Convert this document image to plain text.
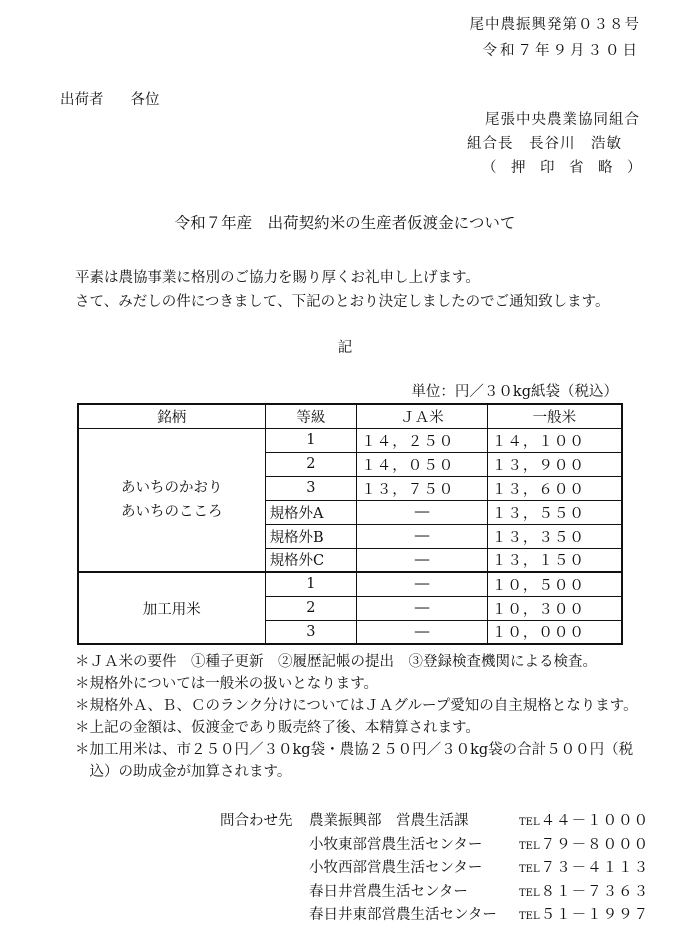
尾中農振興発第０３８号
令和７年９月３０日
出荷者 各位
尾張中央農業協同組合
組合長　長谷川　浩敏
（　押　印　省　略　）
令和７年産　出荷契約米の生産者仮渡金について
平素は農協事業に格別のご協力を賜り厚くお礼申し上げます。
さて、みだしの件につきまして、下記のとおり決定しましたのでご通知致します。
記
単位：円／３０kg紙袋（税込）
銘柄	等級	ＪＡ米	一般米

あいちのかおり
あいちのこころ	1	１４，２５０	１４，１００
	2	１４，０５０	１３，９００
	3	１３，７５０	１３，６００
	規格外A	―	１３，５５０
	規格外B	―	１３，３５０
	規格外C	―	１３，１５０
加工用米	1	―	１０，５００
	2	―	１０，３００
	3	―	１０，０００
＊ＪＡ米の要件　①種子更新　②履歴記帳の提出　③登録検査機関による検査。
＊規格外については一般米の扱いとなります。
＊規格外Ａ、Ｂ、Ｃのランク分けについてはＪＡグループ愛知の自主規格となります。
＊上記の金額は、仮渡金であり販売終了後、本精算されます。
＊加工用米は、市２５０円／３０kg袋・農協２５０円／３０kg袋の合計５００円（税
　込）の助成金が加算されます。
問合わせ先 農業振興部　営農生活課	TEL４４－１０００
小牧東部営農生活センター	TEL７９－８０００
小牧西部営農生活センター	TEL７３－４１１３
春日井営農生活センター	TEL８１－７３６３
春日井東部営農生活センター TEL５１－１９９７
